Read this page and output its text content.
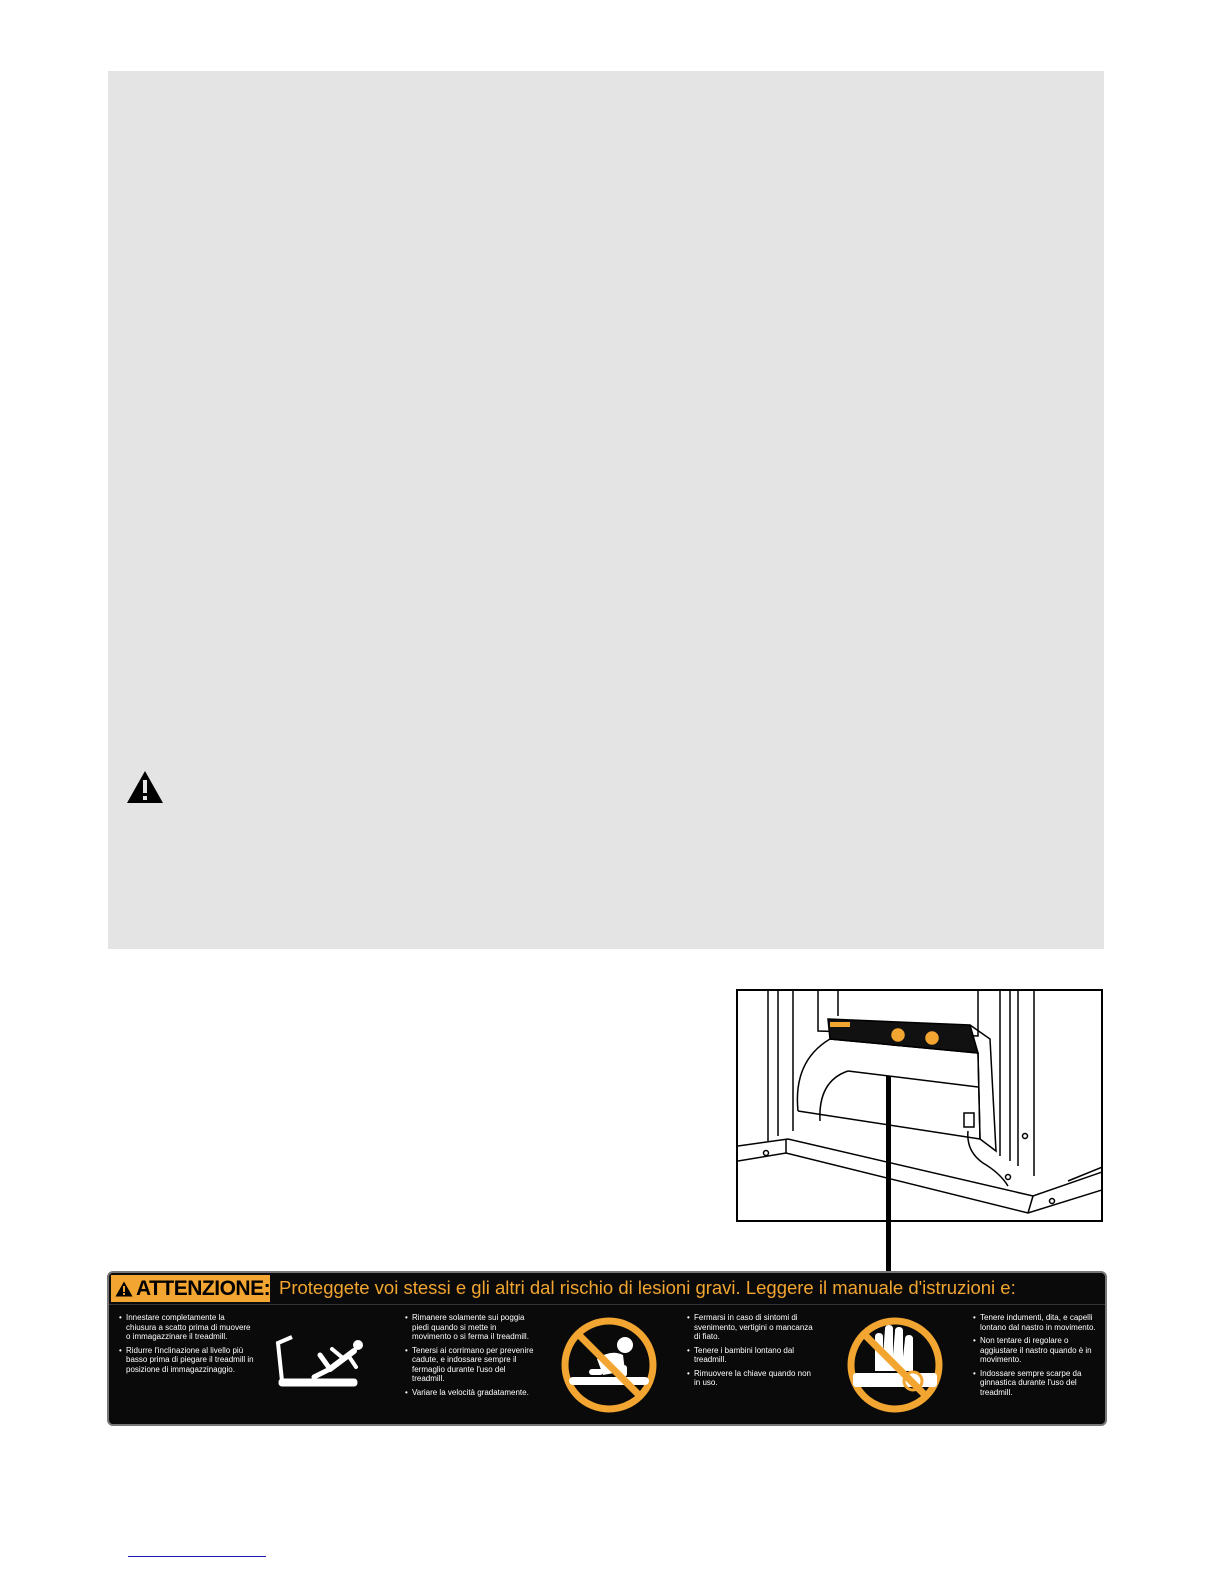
ATTENZIONE: Proteggete voi stessi e gli altri dal rischio di lesioni gravi. Leggere il manuale d'istruzioni e:
• Innestare completamente la chiusura a scatto prima di muovere o immagazzinare il treadmill.
• Ridurre l'inclinazione al livello più basso prima di piegare il treadmill in posizione di immagazzinaggio.
• Rimanere solamente sui poggia piedi quando si mette in movimento o si ferma il treadmill.
• Tenersi ai corrimano per prevenire cadute, e indossare sempre il fermaglio durante l'uso del treadmill.
• Variare la velocità gradatamente.
• Fermarsi in caso di sintomi di svenimento, vertigini o mancanza di fiato.
• Tenere i bambini lontano dal treadmill.
• Rimuovere la chiave quando non in uso.
• Tenere indumenti, dita, e capelli lontano dal nastro in movimento.
• Non tentare di regolare o aggiustare il nastro quando è in movimento.
• Indossare sempre scarpe da ginnastica durante l'uso del treadmill.
